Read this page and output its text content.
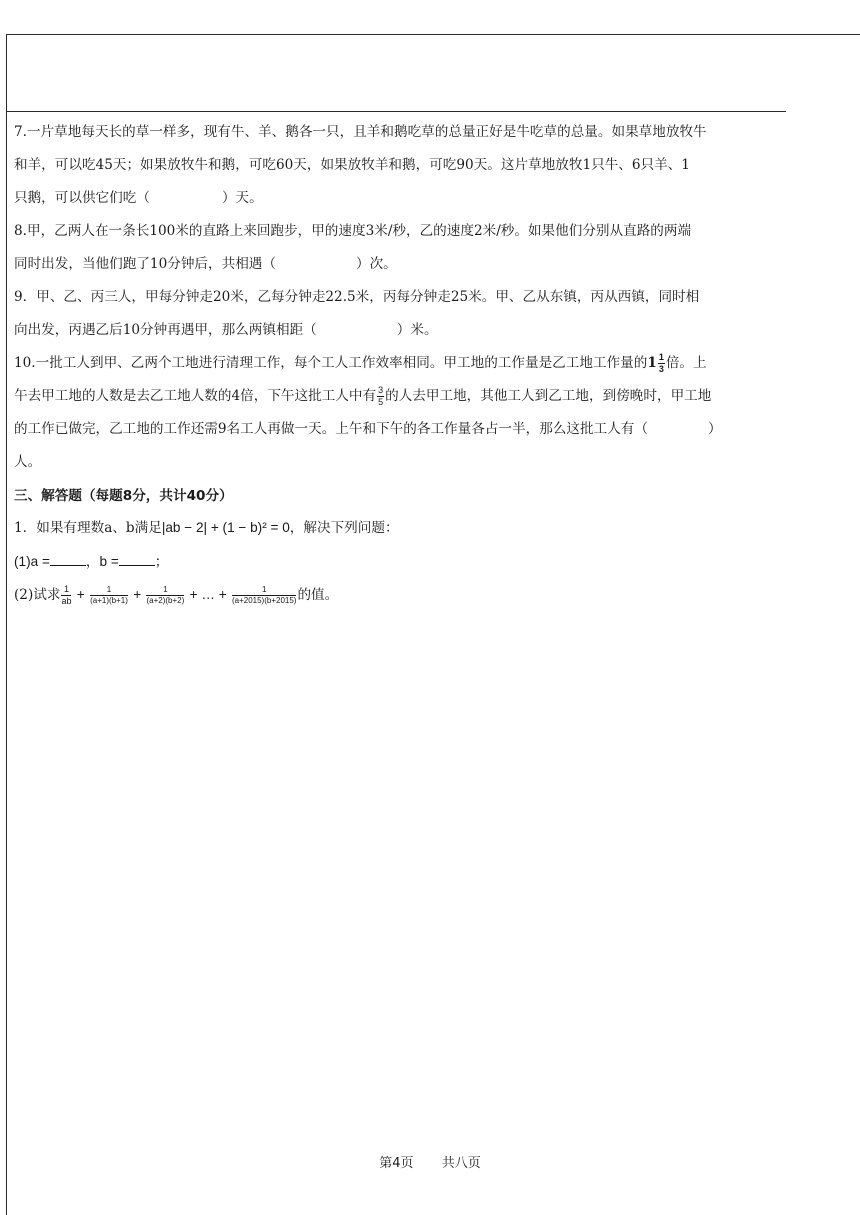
7.一片草地每天长的草一样多，现有牛、羊、鹅各一只，且羊和鹅吃草的总量正好是牛吃草的总量。如果草地放牧牛

和羊，可以吃45天；如果放牧牛和鹅，可吃60天，如果放牧羊和鹅，可吃90天。这片草地放牧1只牛、6只羊、1

只鹅，可以供它们吃（	）天。

8.甲，乙两人在一条长100米的直路上来回跑步，甲的速度3米/秒，乙的速度2米/秒。如果他们分别从直路的两端

同时出发，当他们跑了10分钟后，共相遇（	）次。

9．甲、乙、丙三人，甲每分钟走20米，乙每分钟走22.5米，丙每分钟走25米。甲、乙从东镇，丙从西镇，同时相

向出发，丙遇乙后10分钟再遇甲，那么两镇相距（	）米。

10.一批工人到甲、乙两个工地进行清理工作，每个工人工作效率相同。甲工地的工作量是乙工地工作量的$1 \frac{1}{3}$ 倍。上

午去甲工地的人数是去乙工地人数的4倍，下午这批工人中有 $\frac{3}{5}$ 的人去甲工地，其他工人到乙工地，到傍晚时，甲工地

的工作已做完，乙工地的工作还需9名工人再做一天。上午和下午的各工作量各占一半，那么这批工人有（	）

人。

三、解答题（每题8分，共计40分）

1．如果有理数a、b满足|ab − 2| + (1 − b)² = 0，解决下列问题：

(1)a =	，b =	；

(2)试求 $\frac{1}{ab} + \frac{1}{(a+1)(b+1)} + \frac{1}{(a+2)(b+2)}$ + … + $\frac{1}{(a+2015)(b+2015)}$ 的值。

第4页 共八页
